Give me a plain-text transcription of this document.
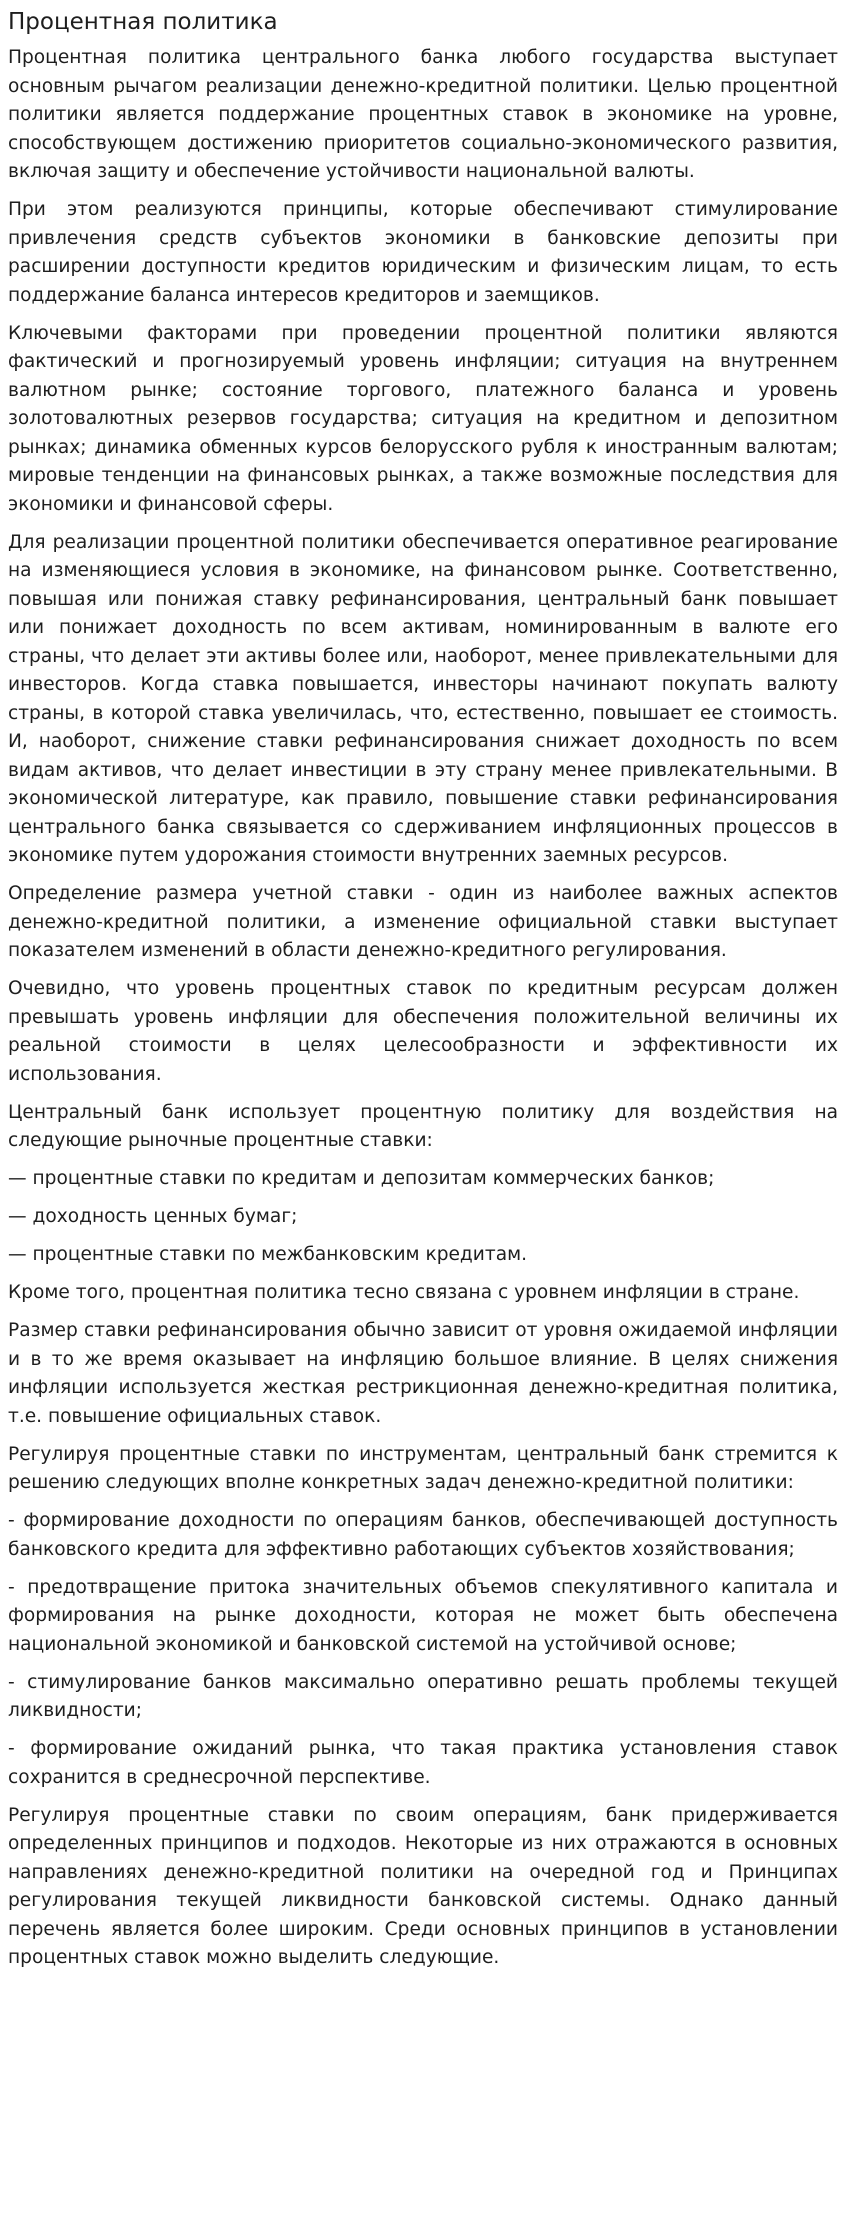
Процентная политика

Процентная политика центрального банка любого государства выступает основным рычагом реализации денежно-кредитной политики. Целью процентной политики является поддержание процентных ставок в экономике на уровне, способствующем достижению приоритетов социально-экономического развития, включая защиту и обеспечение устойчивости национальной валюты.

При этом реализуются принципы, которые обеспечивают стимулирование привлечения средств субъектов экономики в банковские депозиты при расширении доступности кредитов юридическим и физическим лицам, то есть поддержание баланса интересов кредиторов и заемщиков.

Ключевыми факторами при проведении процентной политики являются фактический и прогнозируемый уровень инфляции; ситуация на внутреннем валютном рынке; состояние торгового, платежного баланса и уровень золотовалютных резервов государства; ситуация на кредитном и депозитном рынках; динамика обменных курсов белорусского рубля к иностранным валютам; мировые тенденции на финансовых рынках, а также возможные последствия для экономики и финансовой сферы.

Для реализации процентной политики обеспечивается оперативное реагирование на изменяющиеся условия в экономике, на финансовом рынке. Соответственно, повышая или понижая ставку рефинансирования, центральный банк повышает или понижает доходность по всем активам, номинированным в валюте его страны, что делает эти активы более или, наоборот, менее привлекательными для инвесторов. Когда ставка повышается, инвесторы начинают покупать валюту страны, в которой ставка увеличилась, что, естественно, повышает ее стоимость. И, наоборот, снижение ставки рефинансирования снижает доходность по всем видам активов, что делает инвестиции в эту страну менее привлекательными. В экономической литературе, как правило, повышение ставки рефинансирования центрального банка связывается со сдерживанием инфляционных процессов в экономике путем удорожания стоимости внутренних заемных ресурсов.

Определение размера учетной ставки - один из наиболее важных аспектов денежно-кредитной политики, а изменение официальной ставки выступает показателем изменений в области денежно-кредитного регулирования.

Очевидно, что уровень процентных ставок по кредитным ресурсам должен превышать уровень инфляции для обеспечения положительной величины их реальной стоимости в целях целесообразности и эффективности их использования.

Центральный банк использует процентную политику для воздействия на следующие рыночные процентные ставки:

— процентные ставки по кредитам и депозитам коммерческих банков;

— доходность ценных бумаг;

— процентные ставки по межбанковским кредитам.

Кроме того, процентная политика тесно связана с уровнем инфляции в стране.

Размер ставки рефинансирования обычно зависит от уровня ожидаемой инфляции и в то же время оказывает на инфляцию большое влияние. В целях снижения инфляции используется жесткая рестрикционная денежно-кредитная политика, т.е. повышение официальных ставок.

Регулируя процентные ставки по инструментам, центральный банк стремится к решению следующих вполне конкретных задач денежно-кредитной политики:

- формирование доходности по операциям банков, обеспечивающей доступность банковского кредита для эффективно работающих субъектов хозяйствования;

- предотвращение притока значительных объемов спекулятивного капитала и формирования на рынке доходности, которая не может быть обеспечена национальной экономикой и банковской системой на устойчивой основе;

- стимулирование банков максимально оперативно решать проблемы текущей ликвидности;

- формирование ожиданий рынка, что такая практика установления ставок сохранится в среднесрочной перспективе.

Регулируя процентные ставки по своим операциям, банк придерживается определенных принципов и подходов. Некоторые из них отражаются в основных направлениях денежно-кредитной политики на очередной год и Принципах регулирования текущей ликвидности банковской системы. Однако данный перечень является более широким. Среди основных принципов в установлении процентных ставок можно выделить следующие.
